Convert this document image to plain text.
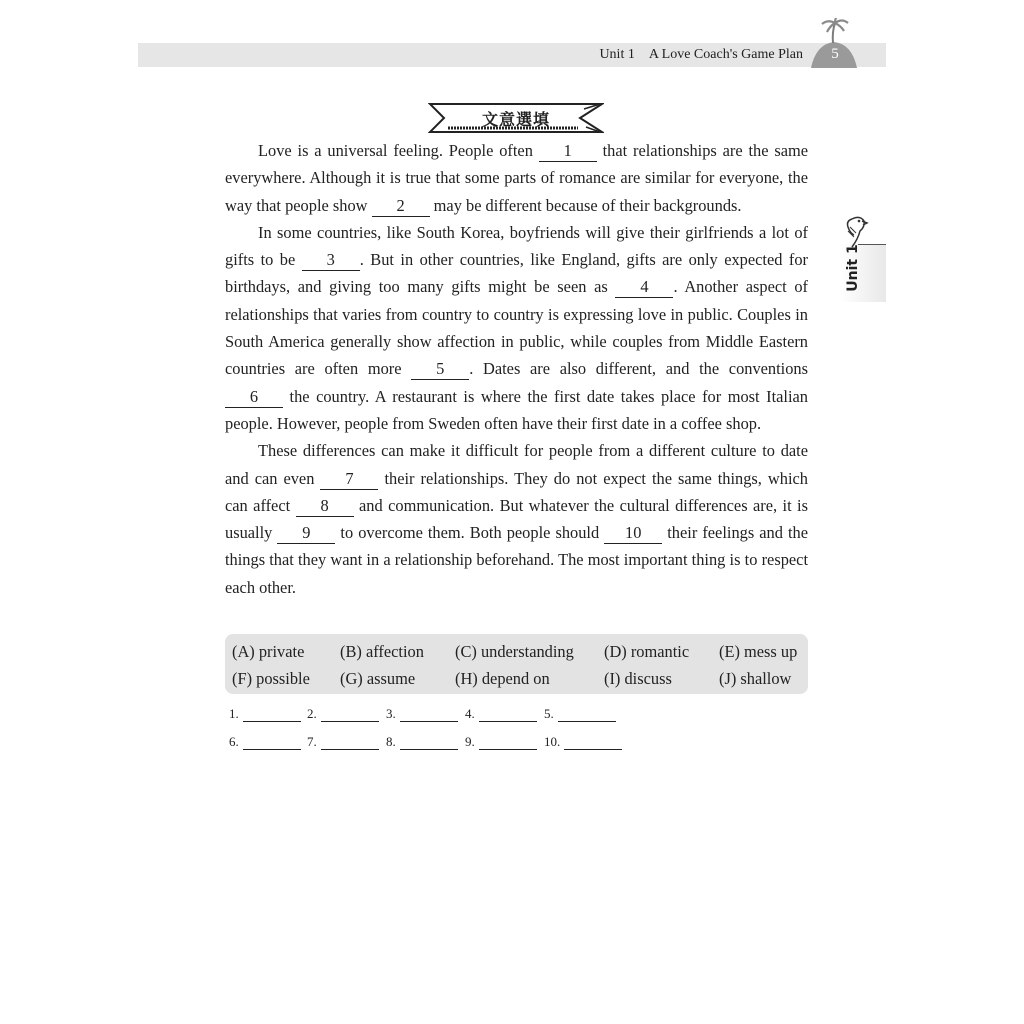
Unit 1 A Love Coach's Game Plan	5
文意選填
Unit 1

Love is a universal feeling. People often 1 that relationships are the same everywhere. Although it is true that some parts of romance are similar for everyone, the way that people show 2 may be different because of their backgrounds.

In some countries, like South Korea, boyfriends will give their girlfriends a lot of gifts to be 3 . But in other countries, like England, gifts are only expected for birthdays, and giving too many gifts might be seen as 4 . Another aspect of relationships that varies from country to country is expressing love in public. Couples in South America generally show affection in public, while couples from Middle Eastern countries are often more 5 . Dates are also different, and the conventions 6 the country. A restaurant is where the first date takes place for most Italian people. However, people from Sweden often have their first date in a coffee shop.

These differences can make it difficult for people from a different culture to date and can even 7 their relationships. They do not expect the same things, which can affect 8 and communication. But whatever the cultural differences are, it is usually 9 to overcome them. Both people should 10 their feelings and the things that they want in a relationship beforehand. The most important thing is to respect each other.

(A) private (B) affection (C) understanding (D) romantic (E) mess up
(F) possible (G) assume (H) depend on	(I) discuss	(J) shallow
1.	2.	3.	4.	5.
6.	7.	8.	9.	10.
